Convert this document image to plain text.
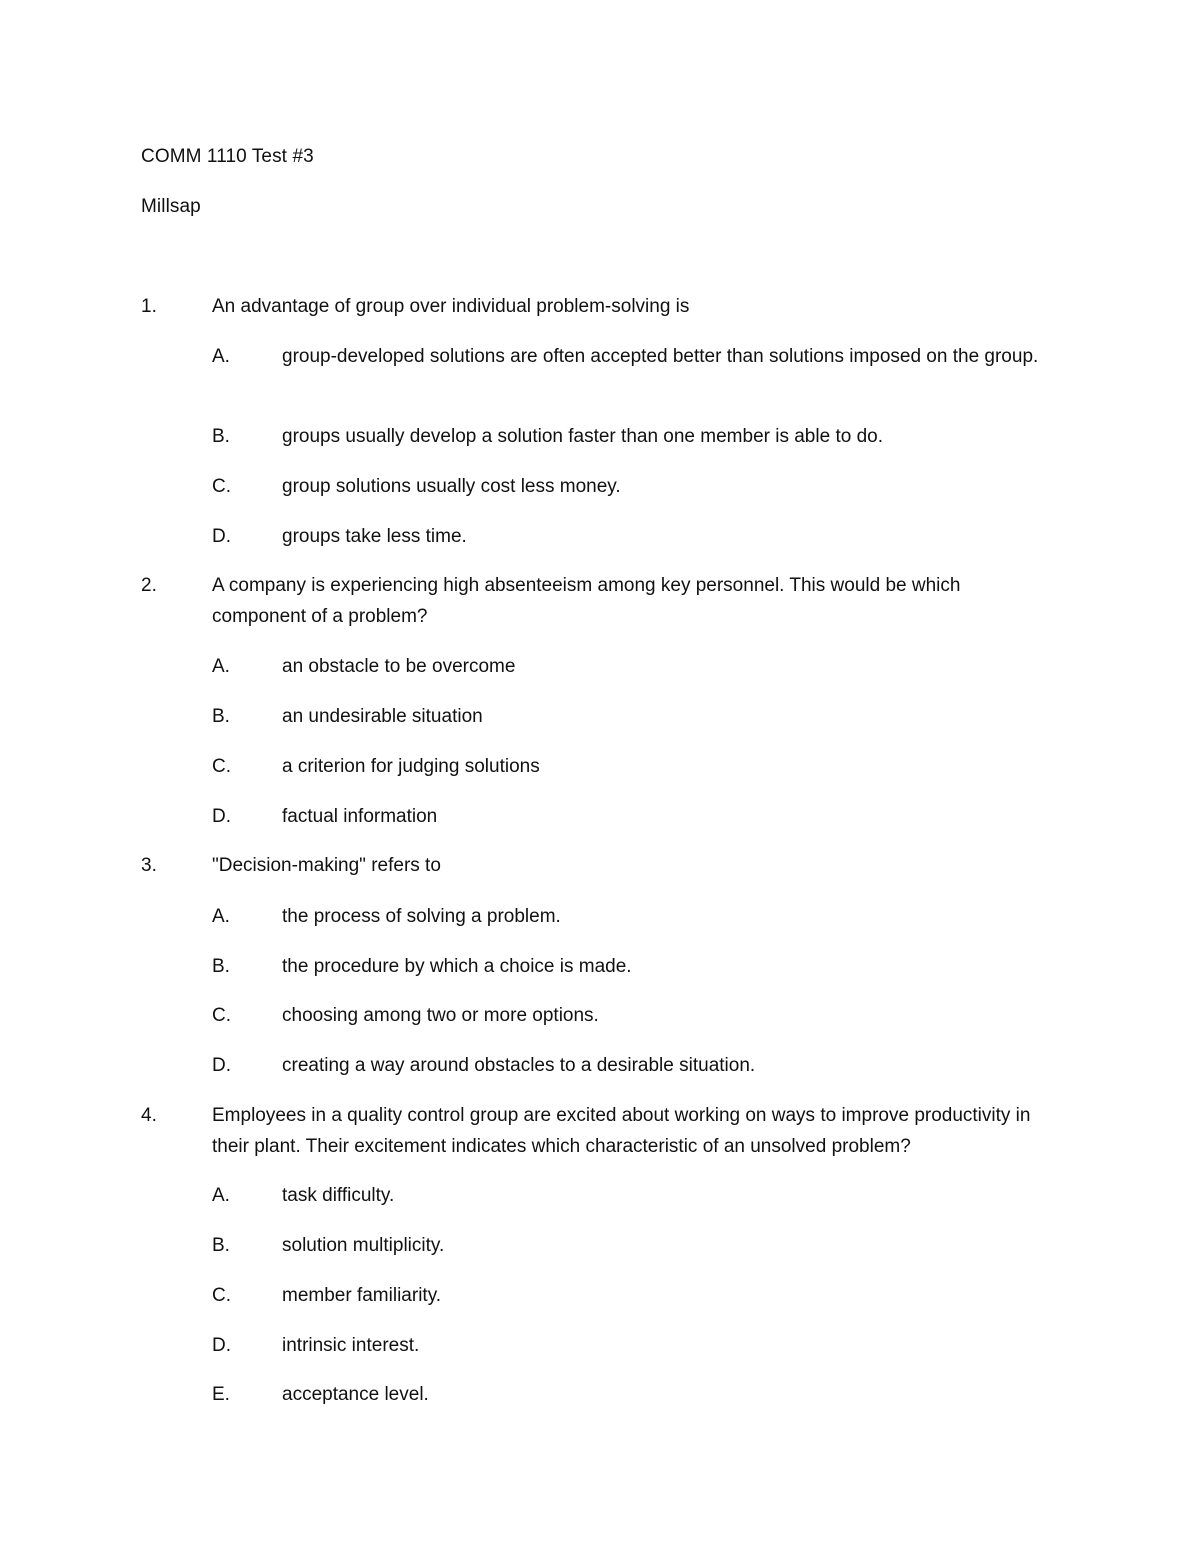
COMM 1110 Test #3
Millsap
1.	An advantage of group over individual problem-solving is
A.	group-developed solutions are often accepted better than solutions imposed on the group.
B.	groups usually develop a solution faster than one member is able to do.
C.	group solutions usually cost less money.
D.	groups take less time.
2.	A company is experiencing high absenteeism among key personnel. This would be which component of a problem?
A.	an obstacle to be overcome
B.	an undesirable situation
C.	a criterion for judging solutions
D.	factual information
3.	"Decision-making" refers to
A.	the process of solving a problem.
B.	the procedure by which a choice is made.
C.	choosing among two or more options.
D.	creating a way around obstacles to a desirable situation.
4.	Employees in a quality control group are excited about working on ways to improve productivity in their plant. Their excitement indicates which characteristic of an unsolved problem?
A.	task difficulty.
B.	solution multiplicity.
C.	member familiarity.
D.	intrinsic interest.
E.	acceptance level.
